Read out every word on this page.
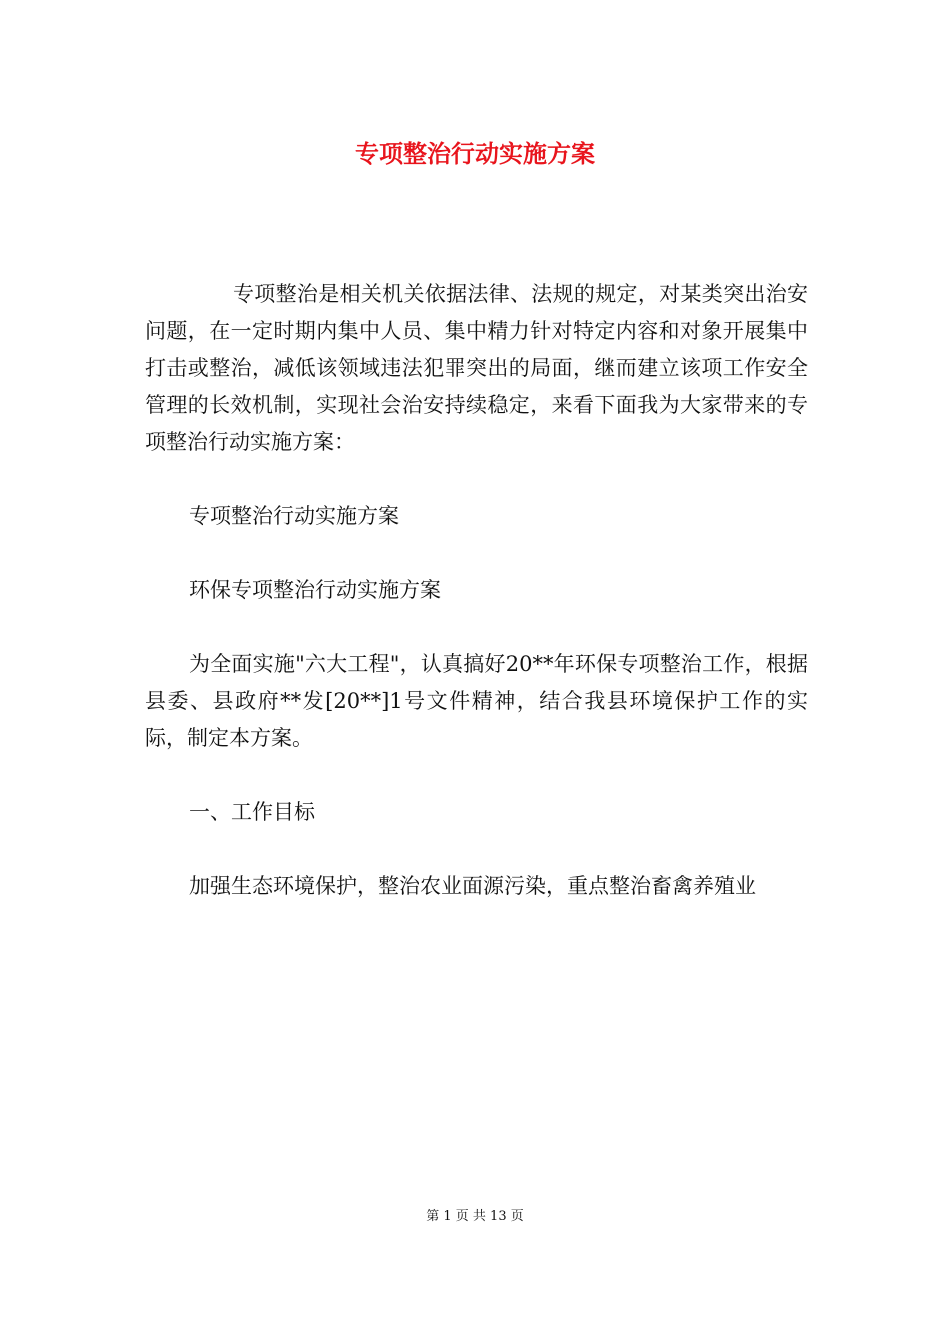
专项整治行动实施方案

专项整治是相关机关依据法律、法规的规定，对某类突出治安问题，在一定时期内集中人员、集中精力针对特定内容和对象开展集中打击或整治，减低该领域违法犯罪突出的局面，继而建立该项工作安全管理的长效机制，实现社会治安持续稳定，来看下面我为大家带来的专项整治行动实施方案：

专项整治行动实施方案

环保专项整治行动实施方案

为全面实施"六大工程"，认真搞好20**年环保专项整治工作，根据县委、县政府**发[20**]1号文件精神，结合我县环境保护工作的实际，制定本方案。

一、工作目标

加强生态环境保护，整治农业面源污染，重点整治畜禽养殖业

第 1 页 共 13 页
